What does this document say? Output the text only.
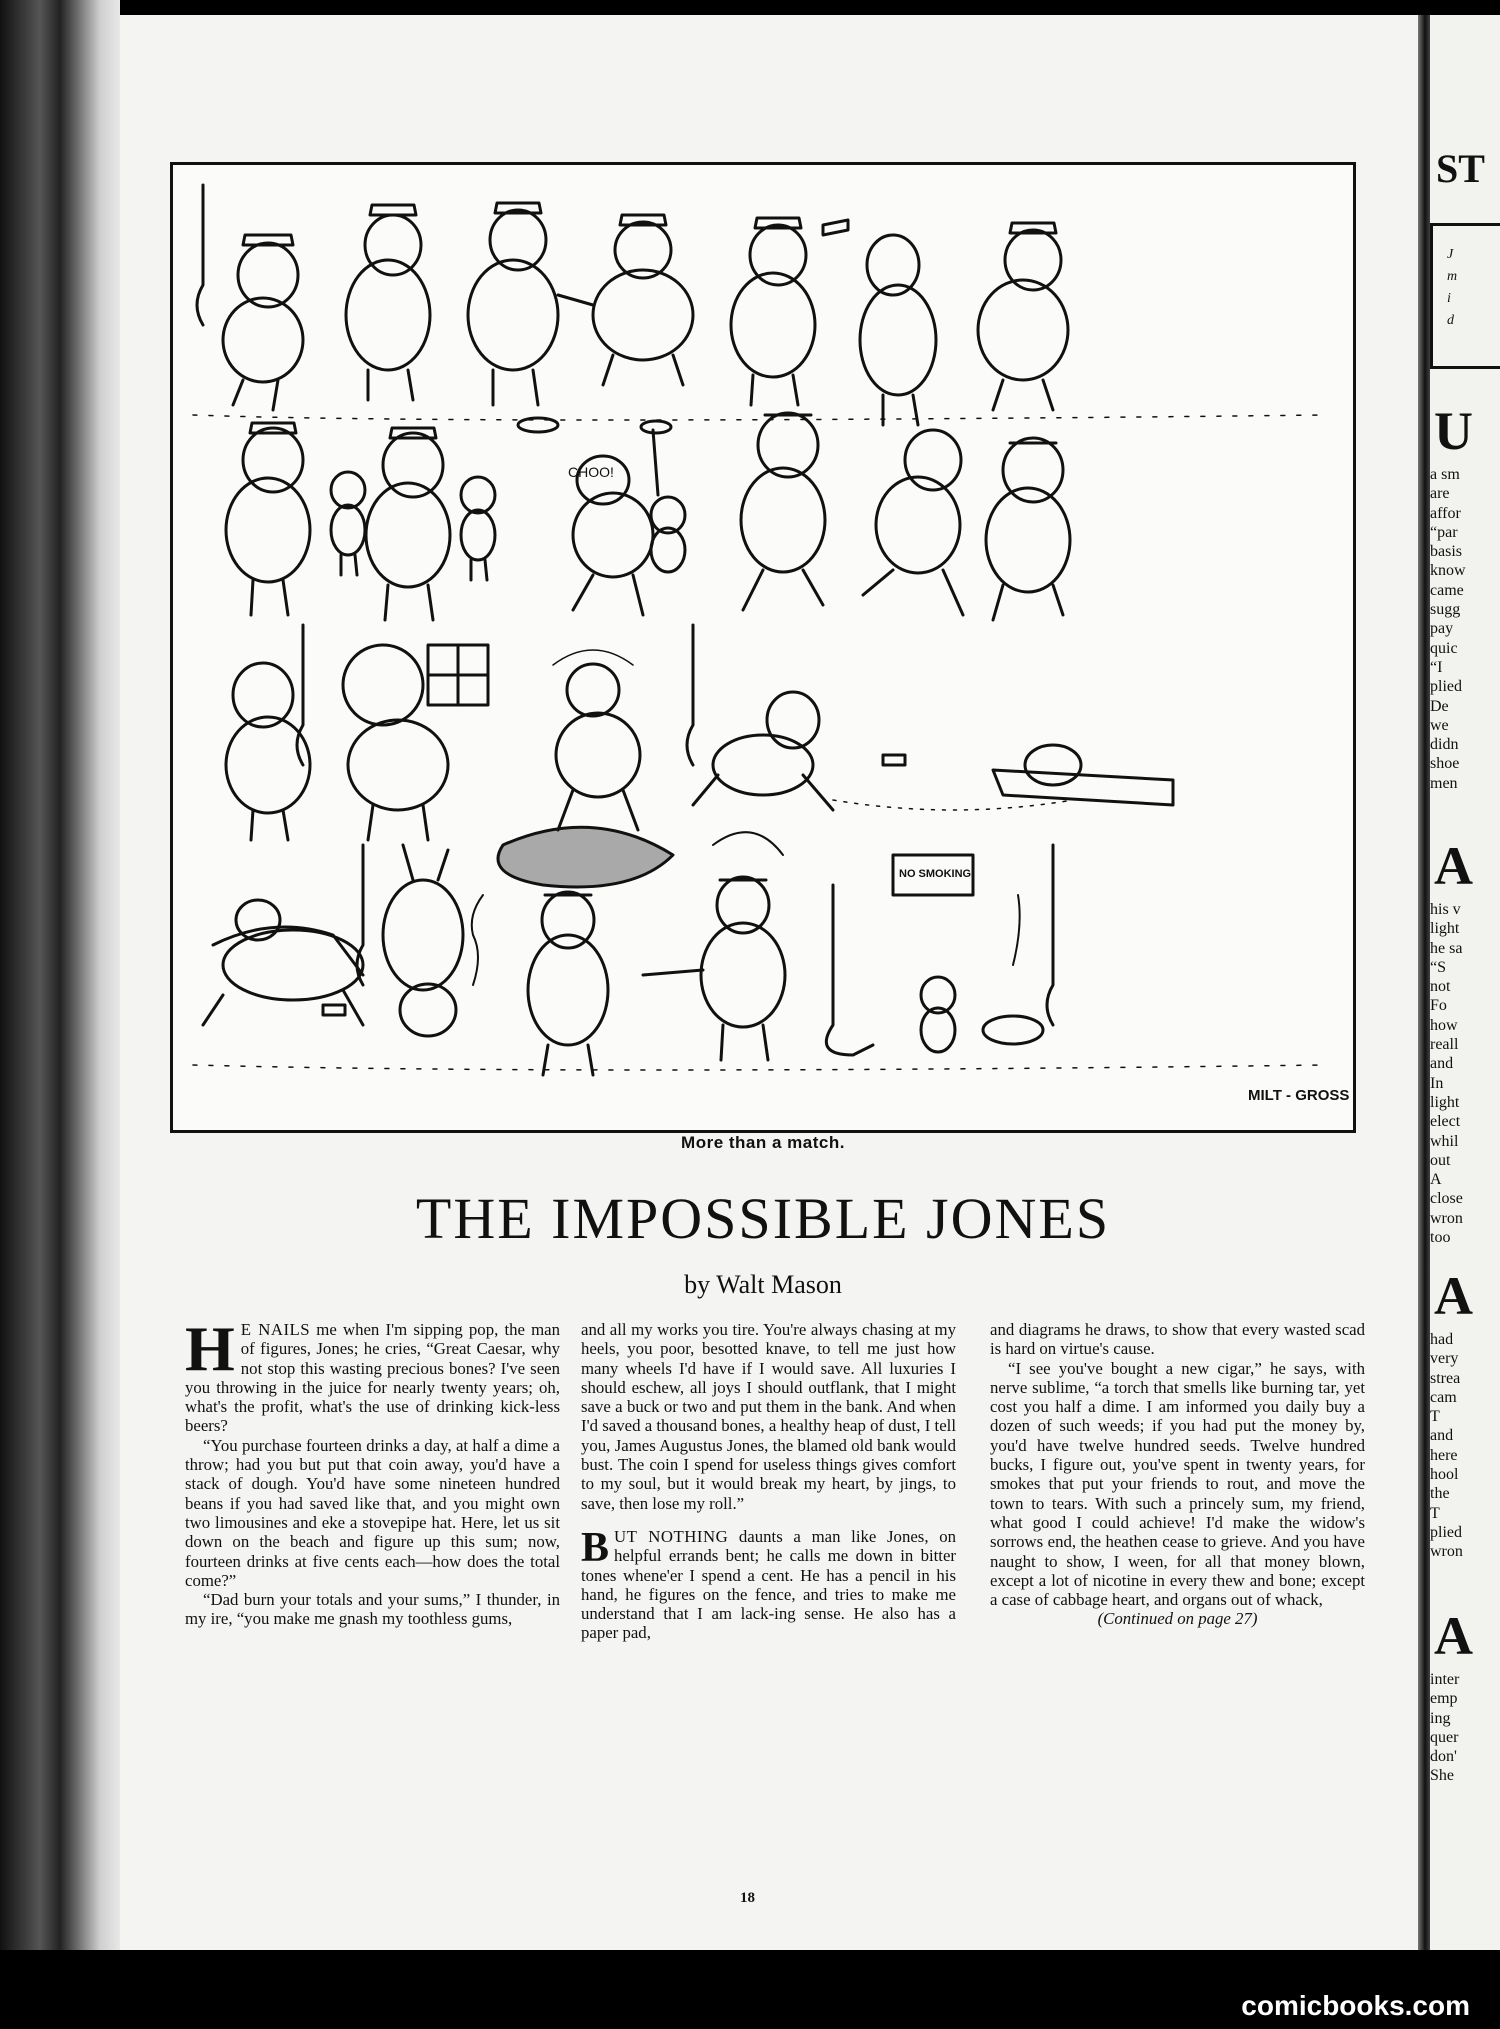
CHOO!
NO SMOKING
MILT - GROSS
More than a match.
THE IMPOSSIBLE JONES
by Walt Mason

H E NAILS me when I'm sipping pop, the man of figures, Jones; he cries, “Great Caesar, why not stop this wasting precious bones? I've seen you throwing in the juice for nearly twenty years; oh, what's the profit, what's the use of drinking kick-less beers?

“You purchase fourteen drinks a day, at half a dime a throw; had you but put that coin away, you'd have a stack of dough. You'd have some nineteen hundred beans if you had saved like that, and you might own two limousines and eke a stovepipe hat. Here, let us sit down on the beach and figure up this sum; now, fourteen drinks at five cents each—how does the total come?”

“Dad burn your totals and your sums,” I thunder, in my ire, “you make me gnash my toothless gums,

and all my works you tire. You're always chasing at my heels, you poor, besotted knave, to tell me just how many wheels I'd have if I would save. All luxuries I should eschew, all joys I should outflank, that I might save a buck or two and put them in the bank. And when I'd saved a thousand bones, a healthy heap of dust, I tell you, James Augustus Jones, the blamed old bank would bust. The coin I spend for useless things gives comfort to my soul, but it would break my heart, by jings, to save, then lose my roll.”

BUT NOTHING daunts a man like Jones, on helpful errands bent; he calls me down in bitter tones whene'er I spend a cent. He has a pencil in his hand, he figures on the fence, and tries to make me understand that I am lack-ing sense. He also has a paper pad,

and diagrams he draws, to show that every wasted scad is hard on virtue's cause.

“I see you've bought a new cigar,” he says, with nerve sublime, “a torch that smells like burning tar, yet cost you half a dime. I am informed you daily buy a dozen of such weeds; if you had put the money by, you'd have twelve hundred seeds. Twelve hundred bucks, I figure out, you've spent in twenty years, for smokes that put your friends to rout, and move the town to tears. With such a princely sum, my friend, what good I could achieve! I'd make the widow's sorrows end, the heathen cease to grieve. And you have naught to show, I ween, for all that money blown, except a lot of nicotine in every thew and bone; except a case of cabbage heart, and organs out of whack,

(Continued on page 27)

18
ST
J
m
i
d
U
a sm
are
affor
“par
basis
know
came
sugg
pay
quic
“I
plied
De
we
didn
shoe
men
A
his v
light
he sa
“S
not
Fo
how
reall
and
In
light
elect
whil
out
A
close
wron
too
A
had
very
strea
cam
T
and
here
hool
the
T
plied
wron
A
inter
emp
ing
quer
don'
She
comicbooks.com
